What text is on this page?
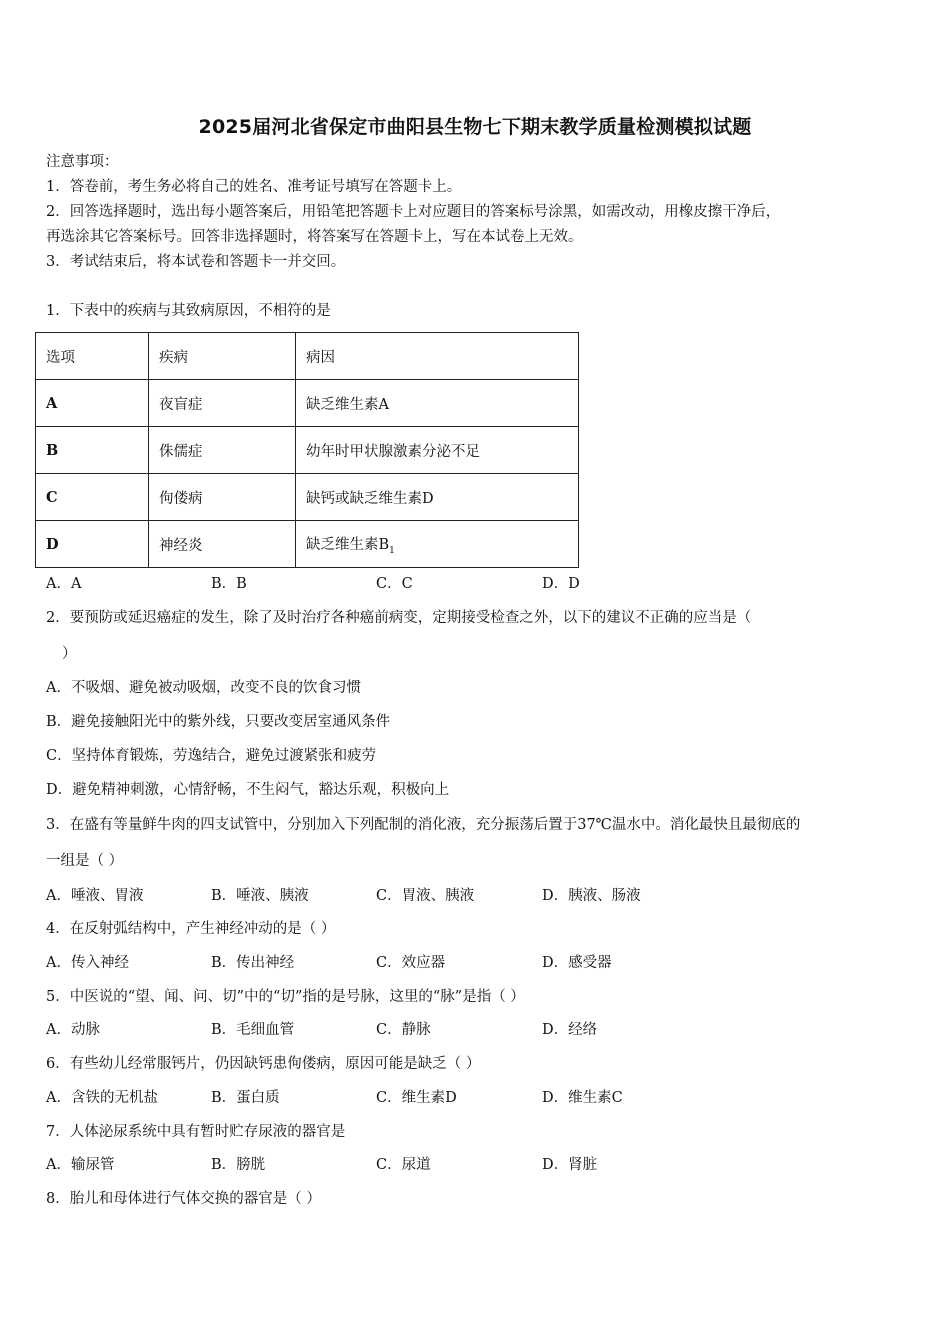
2025届河北省保定市曲阳县生物七下期末教学质量检测模拟试题
注意事项：
1．答卷前，考生务必将自己的姓名、准考证号填写在答题卡上。
2．回答选择题时，选出每小题答案后，用铅笔把答题卡上对应题目的答案标号涂黑，如需改动，用橡皮擦干净后，
再选涂其它答案标号。回答非选择题时，将答案写在答题卡上，写在本试卷上无效。
3．考试结束后，将本试卷和答题卡一并交回。
1．下表中的疾病与其致病原因，不相符的是
选项	疾病	病因
A	夜盲症	缺乏维生素A
B	侏儒症	幼年时甲状腺激素分泌不足
C	佝偻病	缺钙或缺乏维生素D
D	神经炎	缺乏维生素$B_1$
A．A	B．B	C．C	D．D
2．要预防或延迟癌症的发生，除了及时治疗各种癌前病变，定期接受检查之外，以下的建议不正确的应当是（
）
A．不吸烟、避免被动吸烟，改变不良的饮食习惯
B．避免接触阳光中的紫外线，只要改变居室通风条件
C．坚持体育锻炼，劳逸结合，避免过渡紧张和疲劳
D．避免精神刺激，心情舒畅，不生闷气，豁达乐观，积极向上
3．在盛有等量鲜牛肉的四支试管中，分别加入下列配制的消化液，充分振荡后置于37℃温水中。消化最快且最彻底的
一组是（ ）
A．唾液、胃液	B．唾液、胰液	C．胃液、胰液	D．胰液、肠液
4．在反射弧结构中，产生神经冲动的是（ ）
A．传入神经	B．传出神经	C．效应器	D．感受器
5．中医说的“望、闻、问、切”中的“切”指的是号脉，这里的“脉”是指（ ）
A．动脉	B．毛细血管	C．静脉	D．经络
6．有些幼儿经常服钙片，仍因缺钙患佝偻病，原因可能是缺乏（ ）
A．含铁的无机盐	B．蛋白质	C．维生素D	D．维生素C
7．人体泌尿系统中具有暂时贮存尿液的器官是
A．输尿管	B．膀胱	C．尿道	D．肾脏
8．胎儿和母体进行气体交换的器官是（ ）
